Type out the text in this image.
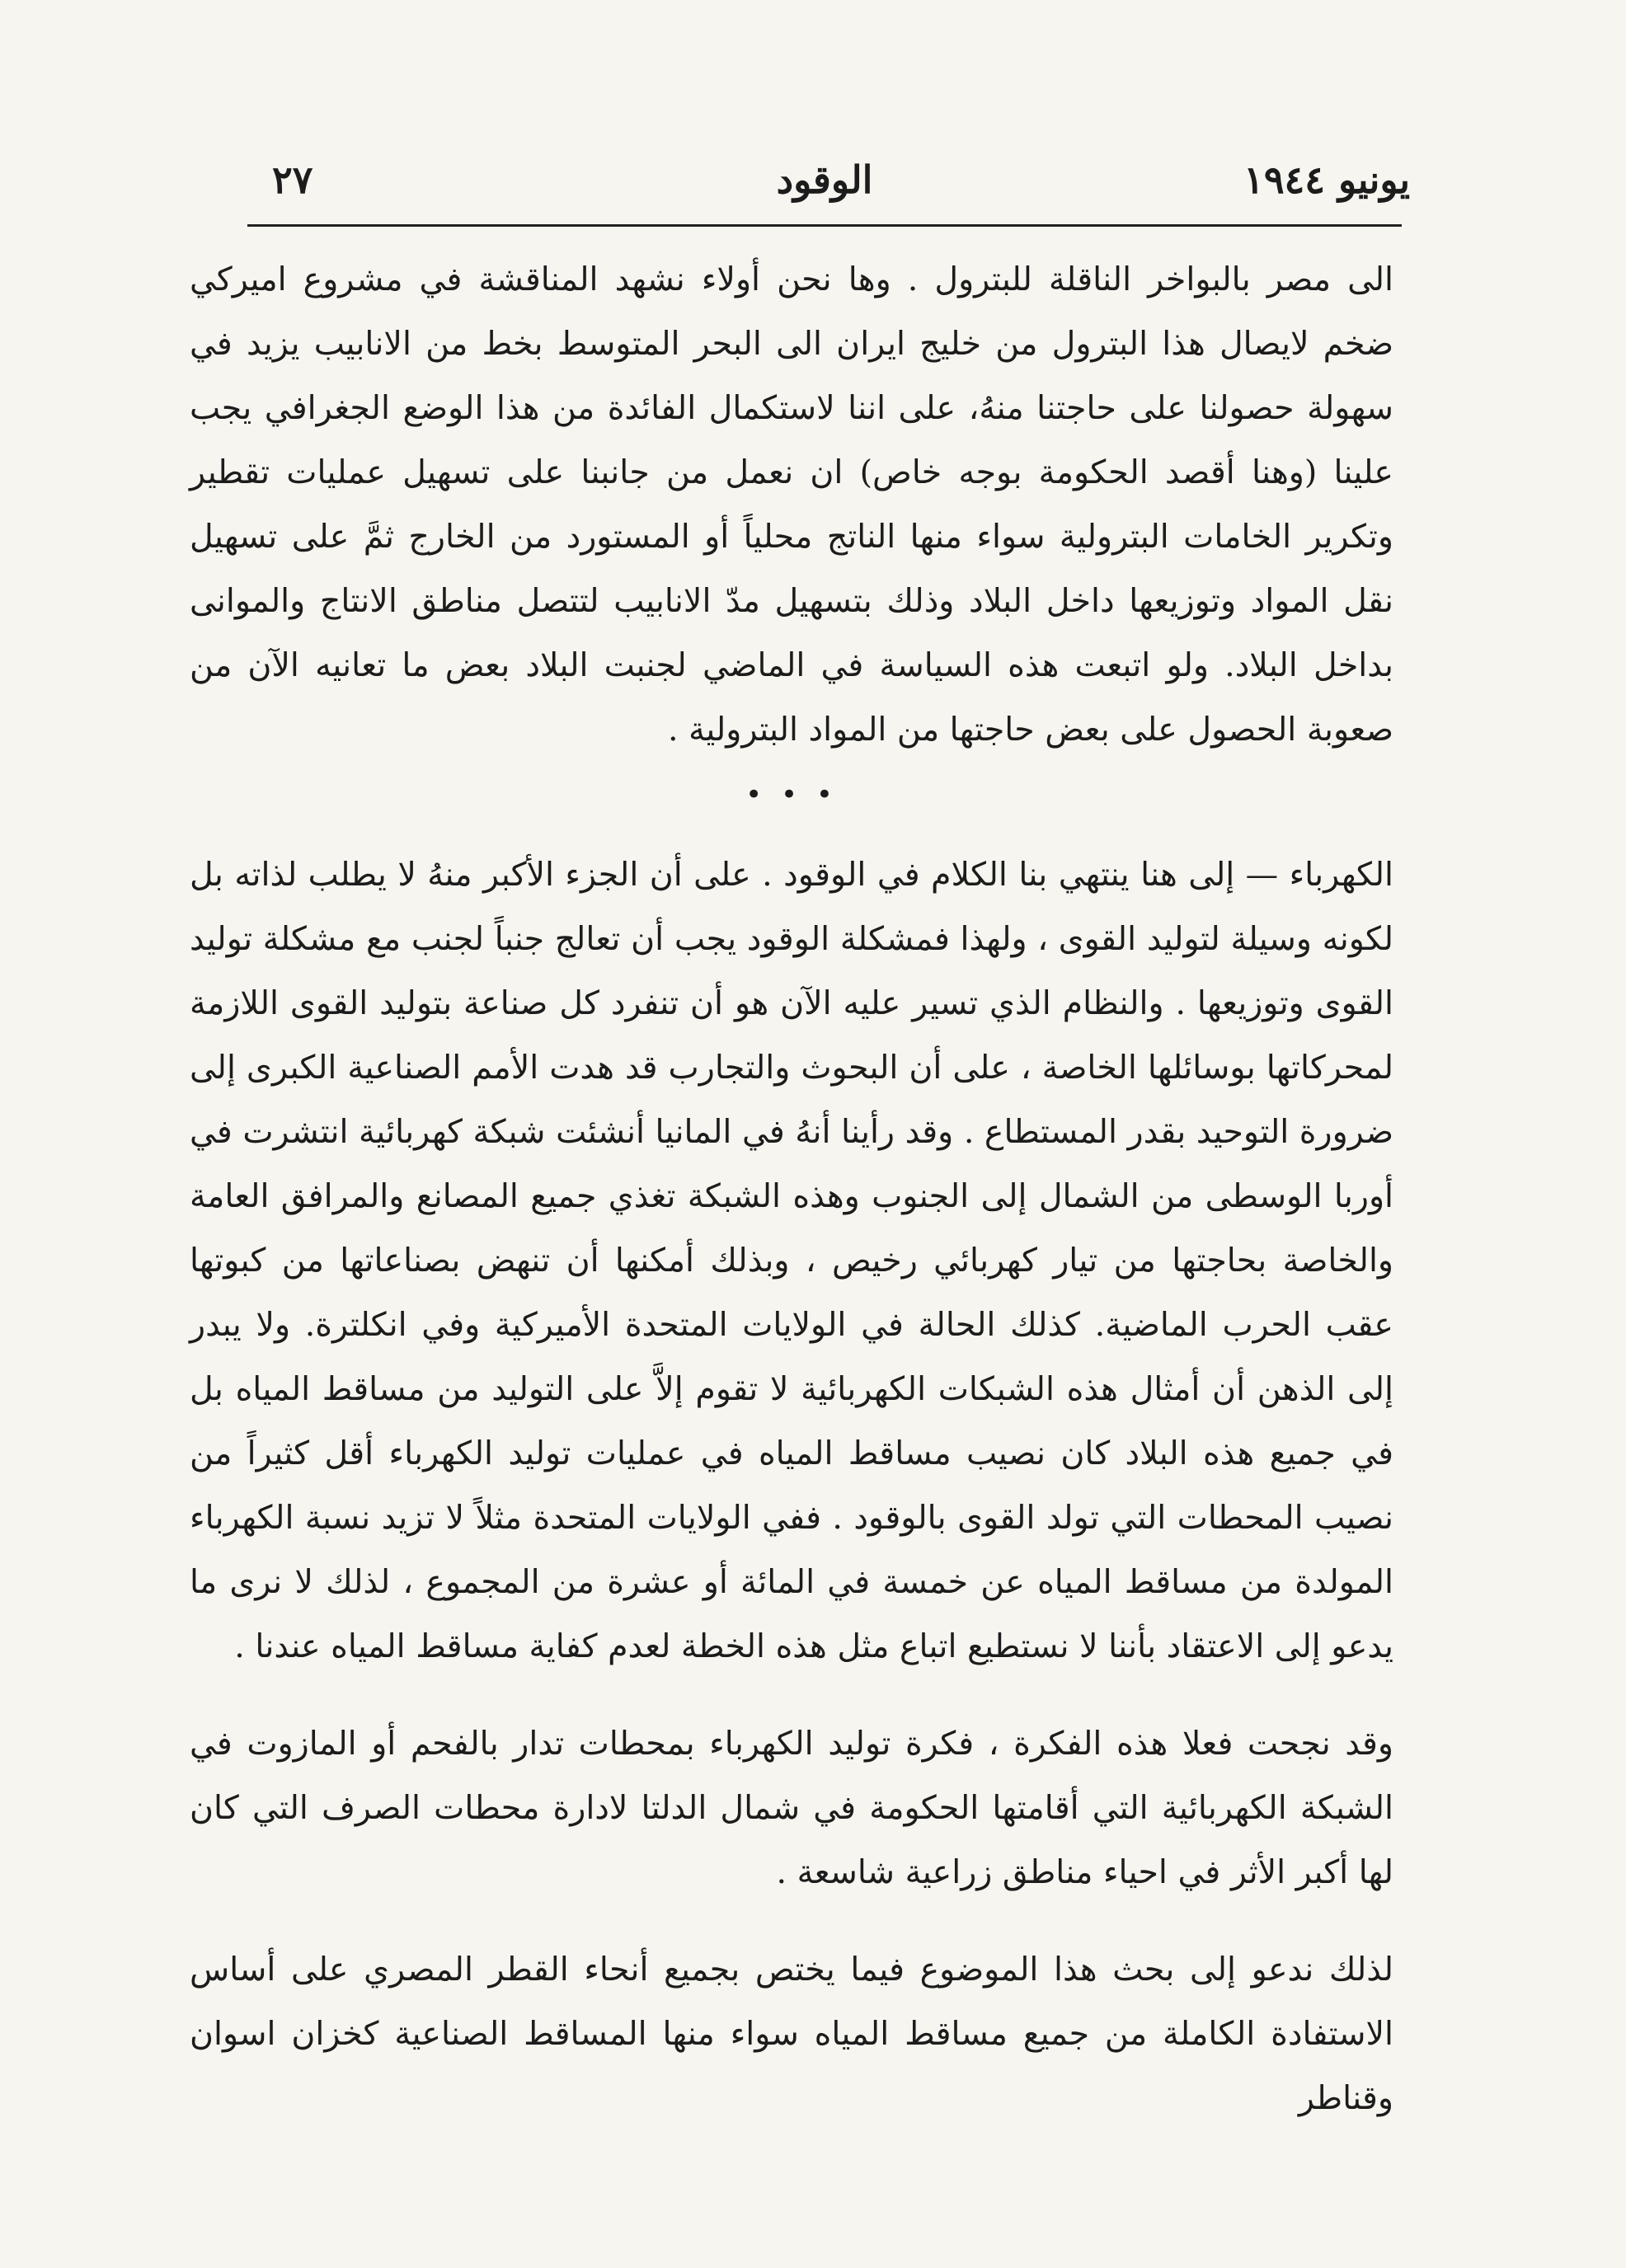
يونيو ١٩٤٤
الوقود
٢٧

الى مصر بالبواخر الناقلة للبترول . وها نحن أولاء نشهد المناقشة في مشروع اميركي ضخم لايصال هذا البترول من خليج ايران الى البحر المتوسط بخط من الانابيب يزيد في سهولة حصولنا على حاجتنا منهُ، على اننا لاستكمال الفائدة من هذا الوضع الجغرافي يجب علينا (وهنا أقصد الحكومة بوجه خاص) ان نعمل من جانبنا على تسهيل عمليات تقطير وتكرير الخامات البترولية سواء منها الناتج محلياً أو المستورد من الخارج ثمَّ على تسهيل نقل المواد وتوزيعها داخل البلاد وذلك بتسهيل مدّ الانابيب لتتصل مناطق الانتاج والموانى بداخل البلاد. ولو اتبعت هذه السياسة في الماضي لجنبت البلاد بعض ما تعانيه الآن من صعوبة الحصول على بعض حاجتها من المواد البترولية .

• • •

الكهرباء — إلى هنا ينتهي بنا الكلام في الوقود . على أن الجزء الأكبر منهُ لا يطلب لذاته بل لكونه وسيلة لتوليد القوى ، ولهذا فمشكلة الوقود يجب أن تعالج جنباً لجنب مع مشكلة توليد القوى وتوزيعها . والنظام الذي تسير عليه الآن هو أن تنفرد كل صناعة بتوليد القوى اللازمة لمحركاتها بوسائلها الخاصة ، على أن البحوث والتجارب قد هدت الأمم الصناعية الكبرى إلى ضرورة التوحيد بقدر المستطاع . وقد رأينا أنهُ في المانيا أنشئت شبكة كهربائية انتشرت في أوربا الوسطى من الشمال إلى الجنوب وهذه الشبكة تغذي جميع المصانع والمرافق العامة والخاصة بحاجتها من تيار كهربائي رخيص ، وبذلك أمكنها أن تنهض بصناعاتها من كبوتها عقب الحرب الماضية. كذلك الحالة في الولايات المتحدة الأميركية وفي انكلترة. ولا يبدر إلى الذهن أن أمثال هذه الشبكات الكهربائية لا تقوم إلاَّ على التوليد من مساقط المياه بل في جميع هذه البلاد كان نصيب مساقط المياه في عمليات توليد الكهرباء أقل كثيراً من نصيب المحطات التي تولد القوى بالوقود . ففي الولايات المتحدة مثلاً لا تزيد نسبة الكهرباء المولدة من مساقط المياه عن خمسة في المائة أو عشرة من المجموع ، لذلك لا نرى ما يدعو إلى الاعتقاد بأننا لا نستطيع اتباع مثل هذه الخطة لعدم كفاية مساقط المياه عندنا .

وقد نجحت فعلا هذه الفكرة ، فكرة توليد الكهرباء بمحطات تدار بالفحم أو المازوت في الشبكة الكهربائية التي أقامتها الحكومة في شمال الدلتا لادارة محطات الصرف التي كان لها أكبر الأثر في احياء مناطق زراعية شاسعة .

لذلك ندعو إلى بحث هذا الموضوع فيما يختص بجميع أنحاء القطر المصري على أساس الاستفادة الكاملة من جميع مساقط المياه سواء منها المساقط الصناعية كخزان اسوان وقناطر
